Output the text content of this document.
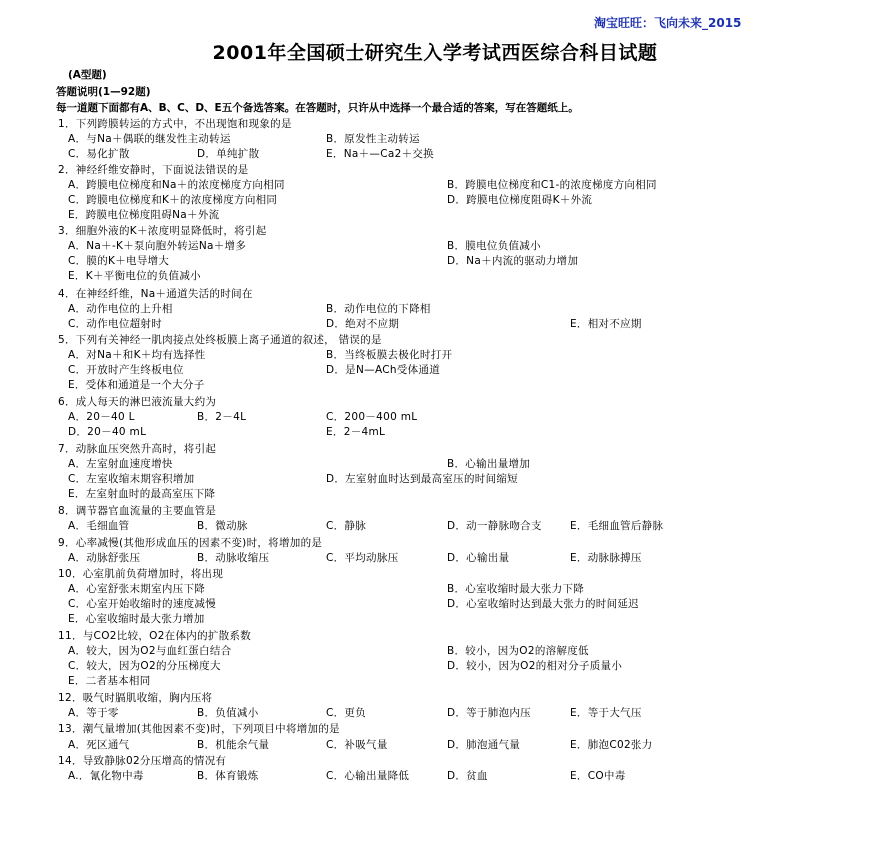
淘宝旺旺：飞向未来_2015
2001年全国硕士研究生入学考试西医综合科目试题
(A型题)
答题说明(1—92题)
每一道题下面都有A、B、C、D、E五个备选答案。在答题时，只许从中选择一个最合适的答案，写在答题纸上。
1．下列跨膜转运的方式中，不出现饱和现象的是
A．与Na＋偶联的继发性主动转运	B．原发性主动转运
C．易化扩散	D．单纯扩散	E．Na＋—Ca2＋交换
2．神经纤维安静时，下面说法错误的是
A．跨膜电位梯度和Na＋的浓度梯度方向相同	B．跨膜电位梯度和C1-的浓度梯度方向相同
C．跨膜电位梯度和K＋的浓度梯度方向相同	D．跨膜电位梯度阻碍K＋外流
E．跨膜电位梯度阻碍Na＋外流
3．细胞外液的K＋浓度明显降低时，将引起
A．Na＋-K＋泵向胞外转运Na＋增多	B．膜电位负值减小
C．膜的K＋电导增大	D．Na＋内流的驱动力增加
E．K＋平衡电位的负值减小
4．在神经纤维，Na＋通道失活的时间在
A．动作电位的上升相	B．动作电位的下降相
C．动作电位超射时	D．绝对不应期	E．相对不应期
5．下列有关神经一肌肉接点处终板膜上离子通道的叙述， 错误的是
A．对Na＋和K＋均有选择性	B．当终板膜去极化时打开
C．开放时产生终板电位	D．是N—ACh受体通道
E．受体和通道是一个大分子
6．成人每天的淋巴液流量大约为
A．20－40 L	B．2－4L	C．200－400 mL
D．20－40 mL	E．2－4mL
7．动脉血压突然升高时，将引起
A．左室射血速度增快	B．心输出量增加
C．左室收缩末期容积增加	D．左室射血时达到最高室压的时间缩短
E．左室射血时的最高室压下降
8．调节器官血流量的主要血管是
A．毛细血管	B．微动脉	C．静脉	D．动一静脉吻合支	E．毛细血管后静脉
9．心率减慢(其他形成血压的因素不变)时，将增加的是
A．动脉舒张压	B．动脉收缩压	C．平均动脉压	D．心输出量	E．动脉脉搏压
10．心室肌前负荷增加时，将出现
A．心室舒张末期室内压下降	B．心室收缩时最大张力下降
C．心室开始收缩时的速度减慢	D．心室收缩时达到最大张力的时间延迟
E．心室收缩时最大张力增加
11．与CO2比较，O2在体内的扩散系数
A．较大，因为O2与血红蛋白结合	B．较小，因为O2的溶解度低
C．较大，因为O2的分压梯度大	D．较小，因为O2的相对分子质量小
E．二者基本相同
12．吸气时膈肌收缩，胸内压将
A．等于零	B．负值减小	C．更负	D．等于肺泡内压	E．等于大气压
13．潮气量增加(其他因素不变)时，下列项目中将增加的是
A．死区通气	B．机能余气量	C．补吸气量	D．肺泡通气量	E．肺泡C02张力
14．导致静脉02分压增高的情况有
A.．氰化物中毒	B．体育锻炼	C．心输出量降低	D．贫血	E．CO中毒
